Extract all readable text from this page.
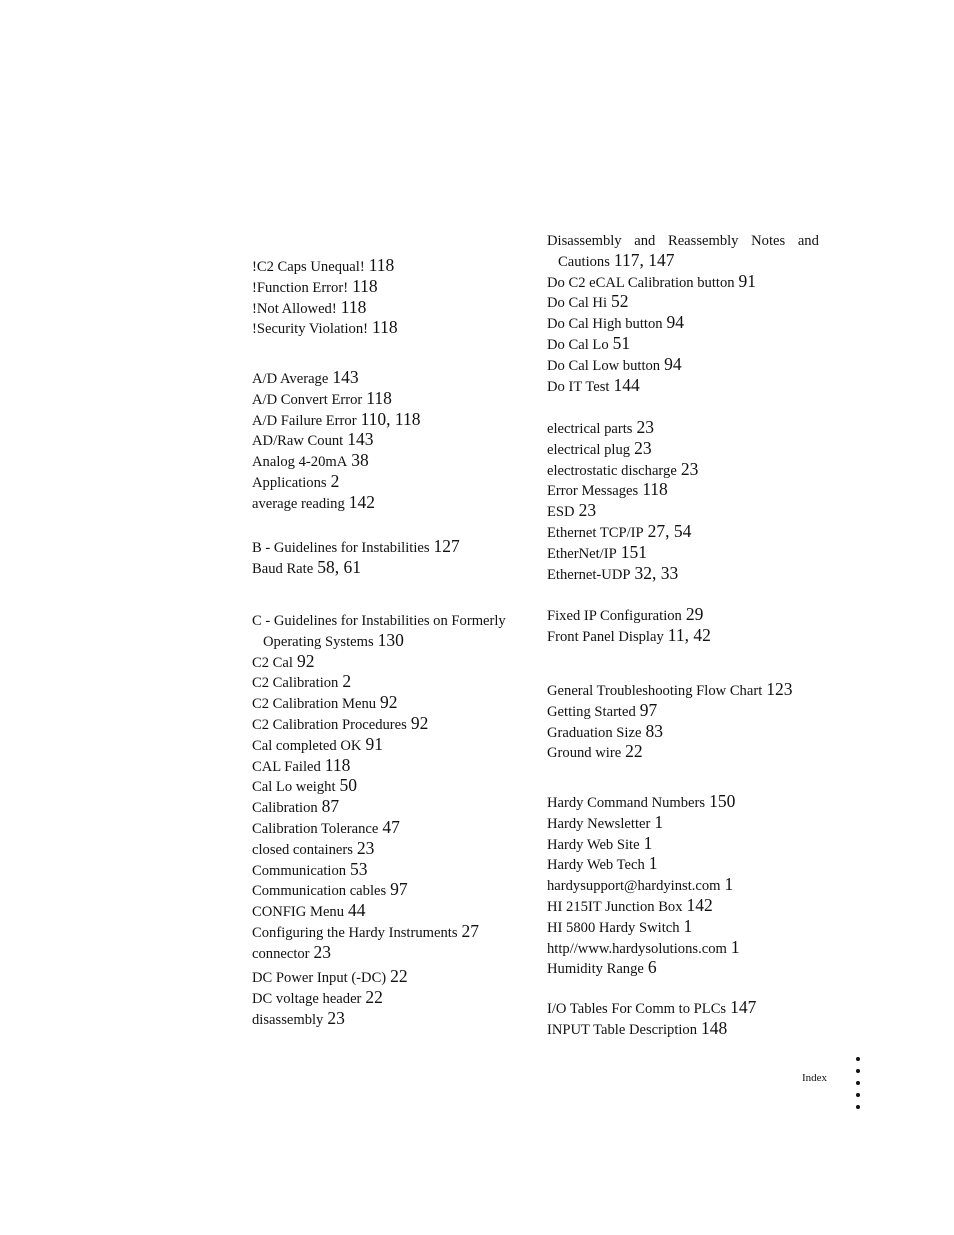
!C2 Caps Unequal! 118
!Function Error! 118
!Not Allowed! 118
!Security Violation! 118
A/D Average 143
A/D Convert Error 118
A/D Failure Error 110, 118
AD/Raw Count 143
Analog 4-20mA 38
Applications 2
average reading 142
B - Guidelines for Instabilities 127
Baud Rate 58, 61
C - Guidelines for Instabilities on Formerly
Operating Systems 130
C2 Cal 92
C2 Calibration 2
C2 Calibration Menu 92
C2 Calibration Procedures 92
Cal completed OK 91
CAL Failed 118
Cal Lo weight 50
Calibration 87
Calibration Tolerance 47
closed containers 23
Communication 53
Communication cables 97
CONFIG Menu 44
Configuring the Hardy Instruments 27
connector 23
DC Power Input (-DC) 22
DC voltage header 22
disassembly 23
Disassembly and Reassembly Notes and
Cautions 117, 147
Do C2 eCAL Calibration button 91
Do Cal Hi 52
Do Cal High button 94
Do Cal Lo 51
Do Cal Low button 94
Do IT Test 144
electrical parts 23
electrical plug 23
electrostatic discharge 23
Error Messages 118
ESD 23
Ethernet TCP/IP 27, 54
EtherNet/IP 151
Ethernet-UDP 32, 33
Fixed IP Configuration 29
Front Panel Display 11, 42
General Troubleshooting Flow Chart 123
Getting Started 97
Graduation Size 83
Ground wire 22
Hardy Command Numbers 150
Hardy Newsletter 1
Hardy Web Site 1
Hardy Web Tech 1
hardysupport@hardyinst.com 1
HI 215IT Junction Box 142
HI 5800 Hardy Switch 1
http//www.hardysolutions.com 1
Humidity Range 6
I/O Tables For Comm to PLCs 147
INPUT Table Description 148
Index
